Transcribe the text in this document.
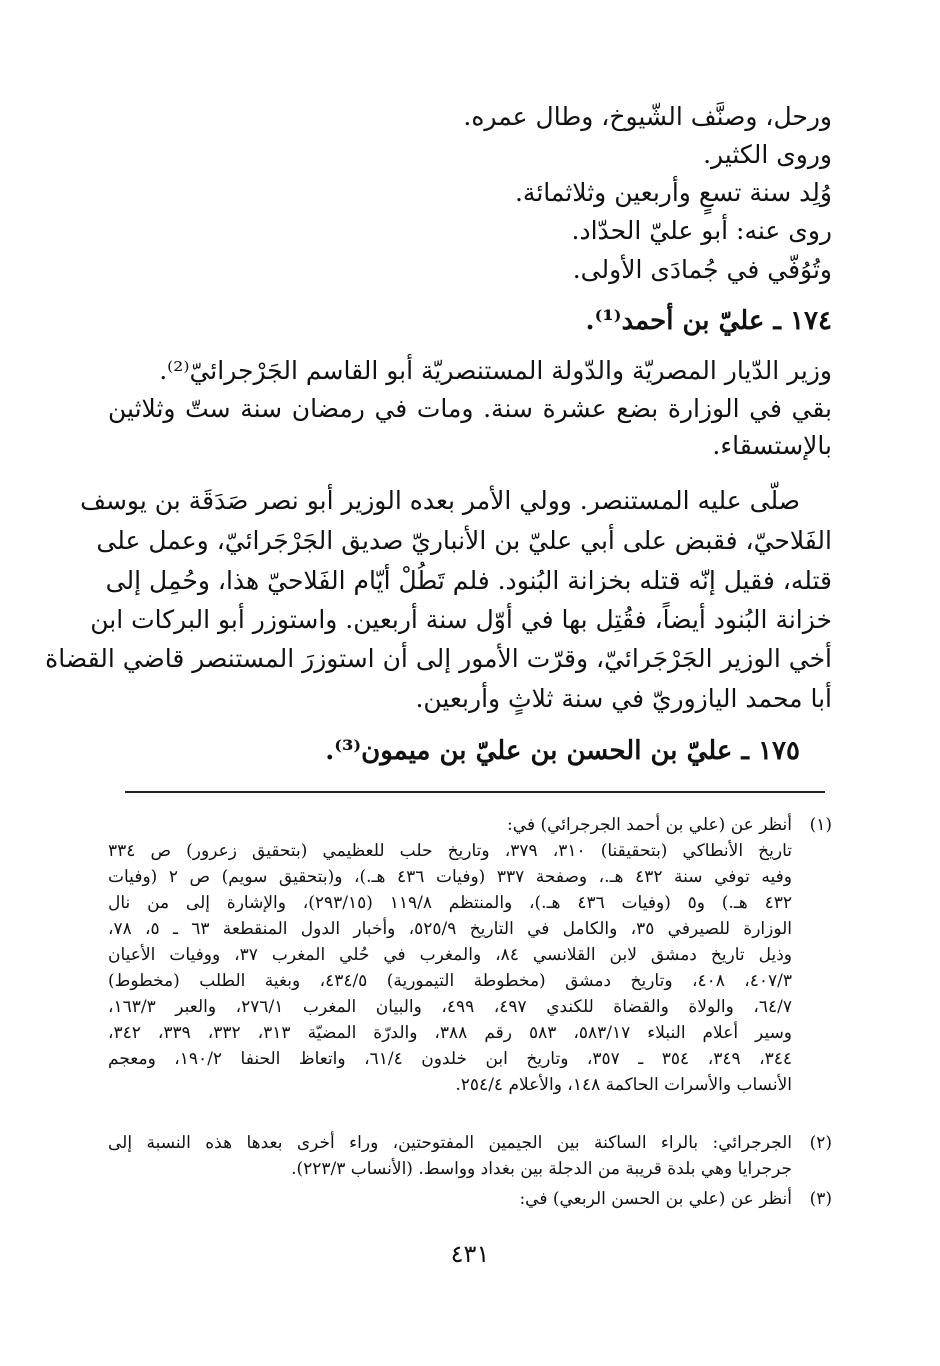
ورحل، وصنَّف الشّيوخ، وطال عمره.
وروى الكثير.
وُلِد سنة تسعٍ وأربعين وثلاثمائة.
روى عنه: أبو عليّ الحدّاد.
وتُوُفّي في جُمادَى الأولى.
١٧٤ ـ عليّ بن أحمد⁽¹⁾.
وزير الدّيار المصريّة والدّولة المستنصريّة أبو القاسم الجَرْجرائيّ⁽²⁾.
بقي في الوزارة بضع عشرة سنة. ومات في رمضان سنة ستّ وثلاثين
بالإستسقاء.
صلّى عليه المستنصر. وولي الأمر بعده الوزير أبو نصر صَدَقَة بن يوسف
الفَلاحيّ، فقبض على أبي عليّ بن الأنباريّ صديق الجَرْجَرائيّ، وعمل على
قتله، فقيل إنّه قتله بخزانة البُنود. فلم تَطُلْ أيّام الفَلاحيّ هذا، وحُمِل إلى
خزانة البُنود أيضاً، فقُتِل بها في أوّل سنة أربعين. واستوزر أبو البركات ابن
أخي الوزير الجَرْجَرائيّ، وقرّت الأمور إلى أن استوزرَ المستنصر قاضي القضاة
أبا محمد اليازوريّ في سنة ثلاثٍ وأربعين.
١٧٥ ـ عليّ بن الحسن بن عليّ بن ميمون⁽³⁾.
(١)
أنظر عن (علي بن أحمد الجرجرائي) في:
تاريخ الأنطاكي (بتحقيقنا) ٣١٠، ٣٧٩، وتاريخ حلب للعظيمي (بتحقيق زعرور) ص ٣٣٤
وفيه توفي سنة ٤٣٢ هـ.، وصفحة ٣٣٧ (وفيات ٤٣٦ هـ.)، و(بتحقيق سويم) ص ٢ (وفيات
٤٣٢ هـ.) و٥ (وفيات ٤٣٦ هـ.)، والمنتظم ١١٩/٨ (٢٩٣/١٥)، والإشارة إلى من نال
الوزارة للصيرفي ٣٥، والكامل في التاريخ ٥٢٥/٩، وأخبار الدول المنقطعة ٦٣ ـ ٥، ٧٨،
وذيل تاريخ دمشق لابن القلانسي ٨٤، والمغرب في حُلي المغرب ٣٧، ووفيات الأعيان
٤٠٧/٣، ٤٠٨، وتاريخ دمشق (مخطوطة التيمورية) ٤٣٤/٥، وبغية الطلب (مخطوط)
٦٤/٧، والولاة والقضاة للكندي ٤٩٧، ٤٩٩، والبيان المغرب ٢٧٦/١، والعبر ١٦٣/٣،
وسير أعلام النبلاء ٥٨٣/١٧، ٥٨٣ رقم ٣٨٨، والدرّة المضيّة ٣١٣، ٣٣٢، ٣٣٩، ٣٤٢،
٣٤٤، ٣٤٩، ٣٥٤ ـ ٣٥٧، وتاريخ ابن خلدون ٦١/٤، واتعاظ الحنفا ١٩٠/٢، ومعجم
الأنساب والأسرات الحاكمة ١٤٨، والأعلام ٢٥٤/٤.
(٢)
الجرجرائي: بالراء الساكنة بين الجيمين المفتوحتين، وراء أخرى بعدها هذه النسبة إلى
جرجرايا وهي بلدة قريبة من الدجلة بين بغداد وواسط. (الأنساب ٢٢٣/٣).
(٣)
أنظر عن (علي بن الحسن الربعي) في:
٤٣١
